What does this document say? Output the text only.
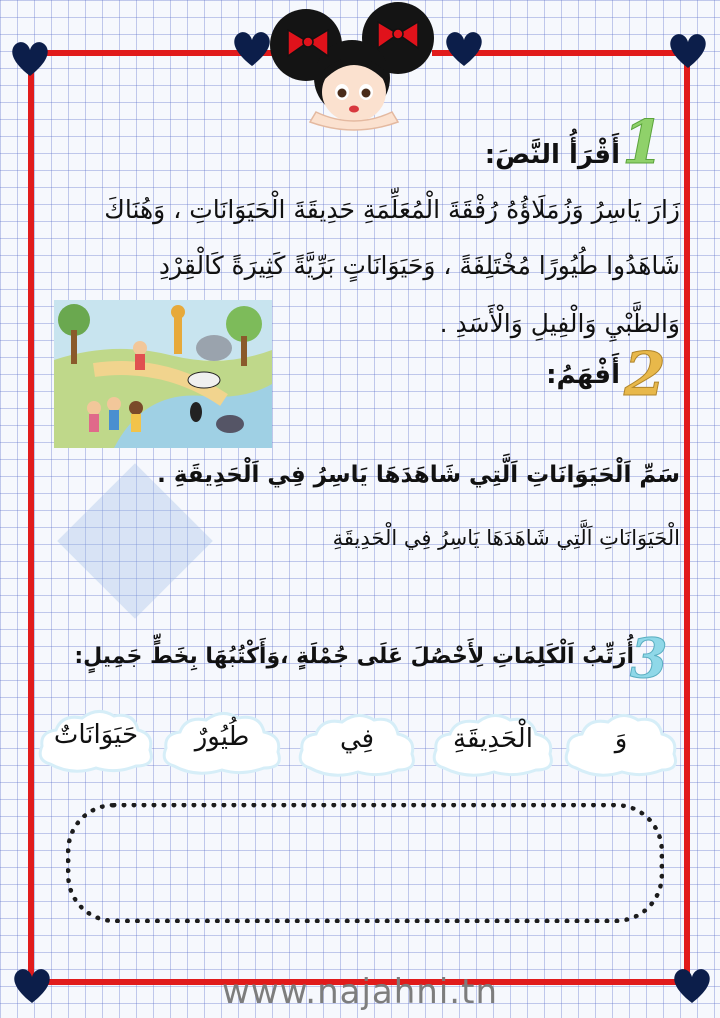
1
أَقْرَأُ النَّصَ:
زَارَ يَاسِرُ وَزُمَلَاؤُهُ رُفْقَةَ الْمُعَلِّمَةِ حَدِيقَةَ الْحَيَوَانَاتِ ، وَهُنَاكَ
شَاهَدُوا طُيُورًا مُخْتَلِفَةً ، وَحَيَوَانَاتٍ بَرِّيَّةً كَثِيرَةً كَالْقِرْدِ
وَالظَّبْيِ وَالْفِيلِ وَالْأَسَدِ .
2
أَفْهَمُ:
سَمِّ اَلْحَيَوَانَاتِ اَلَّتِي شَاهَدَهَا يَاسِرُ فِي اَلْحَدِيقَةِ .
الْحَيَوَانَاتِ اَلَّتِي شَاهَدَهَا يَاسِرُ فِي الْحَدِيقَةِ
3
أُرَتِّبُ اَلْكَلِمَاتِ لِأَحْصُلَ عَلَى جُمْلَةٍ ،وَأَكْتُبُهَا بِخَطٍّ جَمِيلٍ:
وَ
الْحَدِيقَةِ
فِي
طُيُورٌ
حَيَوَانَاتٌ
www.najahni.tn
